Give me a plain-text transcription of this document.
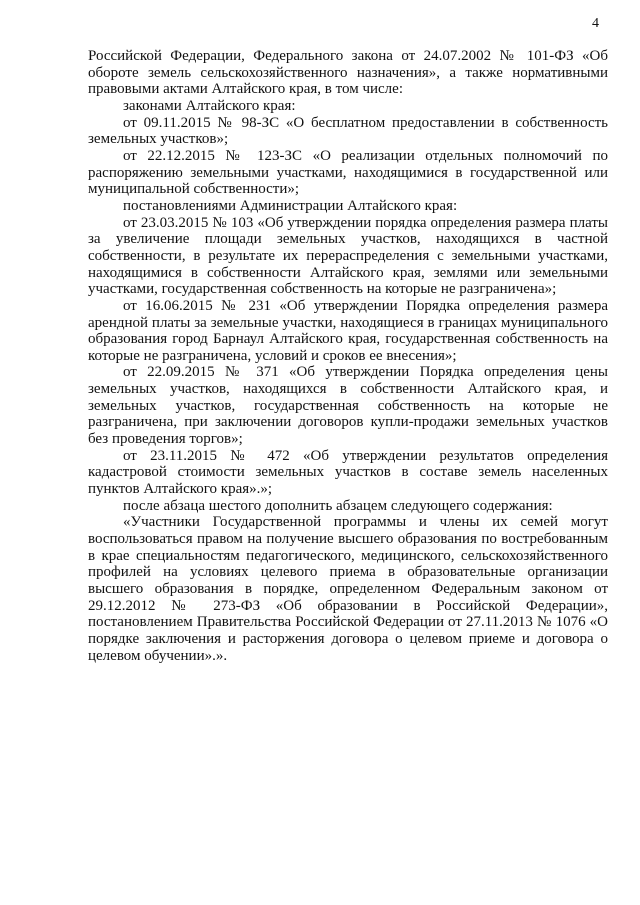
4

Российской Федерации, Федерального закона от 24.07.2002 № 101-ФЗ «Об обороте земель сельскохозяйственного назначения», а также нормативными правовыми актами Алтайского края, в том числе:

законами Алтайского края:

от 09.11.2015 № 98-ЗС «О бесплатном предоставлении в собственность земельных участков»;

от 22.12.2015 № 123-ЗС «О реализации отдельных полномочий по распоряжению земельными участками, находящимися в государственной или муниципальной собственности»;

постановлениями Администрации Алтайского края:

от 23.03.2015 № 103 «Об утверждении порядка определения размера платы за увеличение площади земельных участков, находящихся в частной собственности, в результате их перераспределения с земельными участками, находящимися в собственности Алтайского края, землями или земельными участками, государственная собственность на которые не разграничена»;

от 16.06.2015 № 231 «Об утверждении Порядка определения размера арендной платы за земельные участки, находящиеся в границах муниципального образования город Барнаул Алтайского края, государственная собственность на которые не разграничена, условий и сроков ее внесения»;

от 22.09.2015 № 371 «Об утверждении Порядка определения цены земельных участков, находящихся в собственности Алтайского края, и земельных участков, государственная собственность на которые не разграничена, при заключении договоров купли-продажи земельных участков без проведения торгов»;

от 23.11.2015 № 472 «Об утверждении результатов определения кадастровой стоимости земельных участков в составе земель населенных пунктов Алтайского края».»;

после абзаца шестого дополнить абзацем следующего содержания:

«Участники Государственной программы и члены их семей могут воспользоваться правом на получение высшего образования по востребованным в крае специальностям педагогического, медицинского, сельскохозяйственного профилей на условиях целевого приема в образовательные организации высшего образования в порядке, определенном Федеральным законом от 29.12.2012 № 273-ФЗ «Об образовании в Российской Федерации», постановлением Правительства Российской Федерации от 27.11.2013 № 1076 «О порядке заключения и расторжения договора о целевом приеме и договора о целевом обучении».».
